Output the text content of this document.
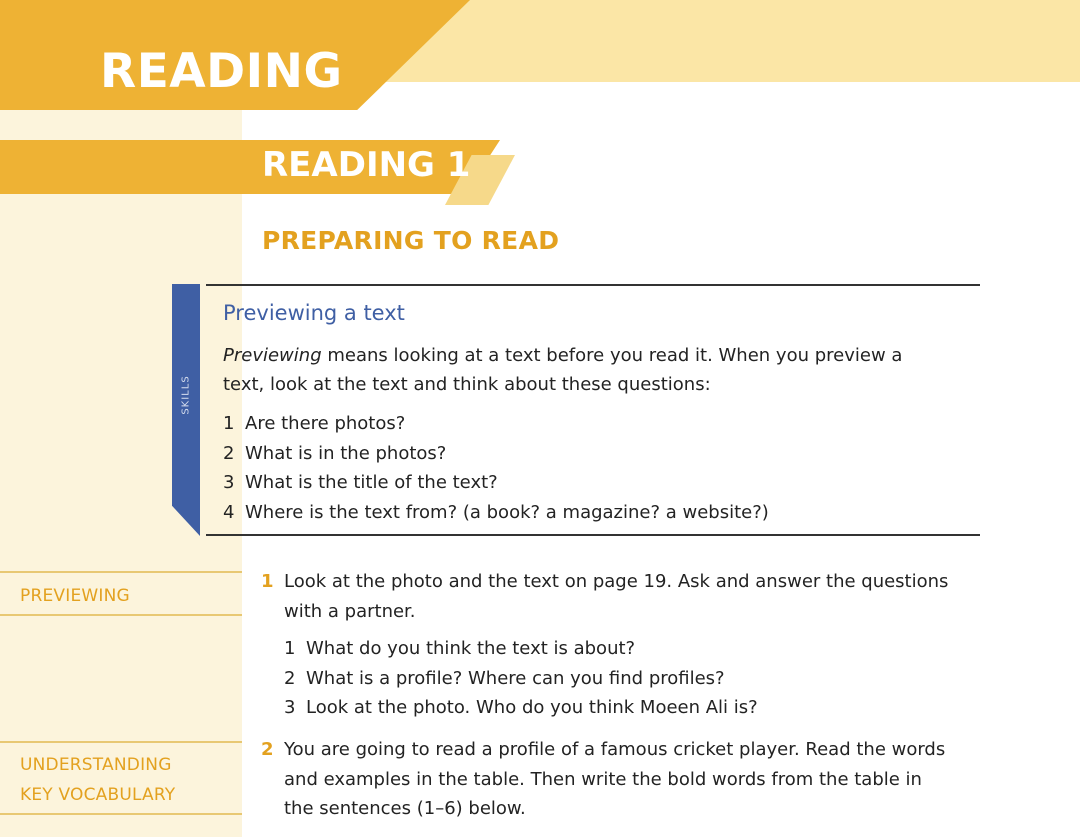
READING
READING 1
PREPARING TO READ
SKILLS
Previewing a text

Previewing means looking at a text before you read it. When you preview a
text, look at the text and think about these questions:

1 Are there photos?
2 What is in the photos?
3 What is the title of the text?
4 Where is the text from? (a book? a magazine? a website?)
PREVIEWING
UNDERSTANDING
KEY VOCABULARY
1 Look at the photo and the text on page 19. Ask and answer the questions
with a partner.

1 What do you think the text is about?
2 What is a profile? Where can you find profiles?
3 Look at the photo. Who do you think Moeen Ali is?
2 You are going to read a profile of a famous cricket player. Read the words
and examples in the table. Then write the bold words from the table in
the sentences (1–6) below.
